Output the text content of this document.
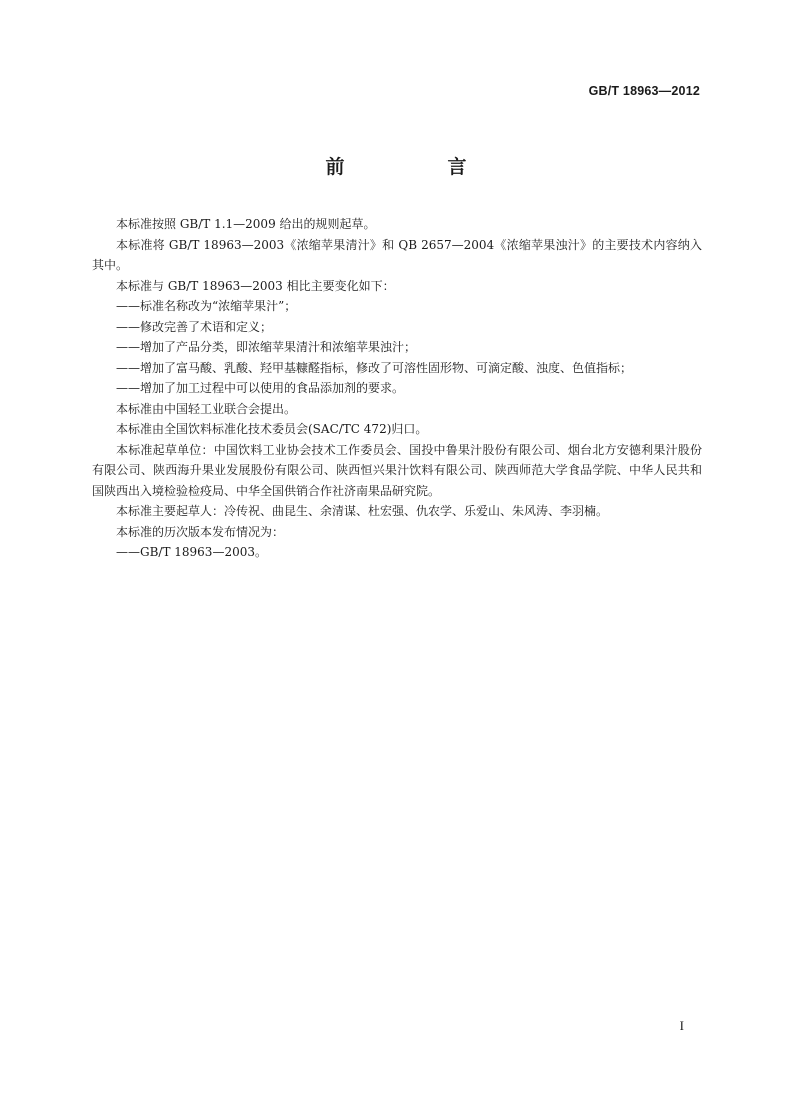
GB/T 18963—2012
前　言

本标准按照 GB/T 1.1—2009 给出的规则起草。

本标准将 GB/T 18963—2003《浓缩苹果清汁》和 QB 2657—2004《浓缩苹果浊汁》的主要技术内容纳入其中。

本标准与 GB/T 18963—2003 相比主要变化如下：

——标准名称改为“浓缩苹果汁”；

——修改完善了术语和定义；

——增加了产品分类，即浓缩苹果清汁和浓缩苹果浊汁；

——增加了富马酸、乳酸、羟甲基糠醛指标，修改了可溶性固形物、可滴定酸、浊度、色值指标；

——增加了加工过程中可以使用的食品添加剂的要求。

本标准由中国轻工业联合会提出。

本标准由全国饮料标准化技术委员会(SAC/TC 472)归口。

本标准起草单位：中国饮料工业协会技术工作委员会、国投中鲁果汁股份有限公司、烟台北方安德利果汁股份有限公司、陕西海升果业发展股份有限公司、陕西恒兴果汁饮料有限公司、陕西师范大学食品学院、中华人民共和国陕西出入境检验检疫局、中华全国供销合作社济南果品研究院。

本标准主要起草人：冷传祝、曲昆生、余清谋、杜宏强、仇农学、乐爱山、朱风涛、李羽楠。

本标准的历次版本发布情况为：

——GB/T 18963—2003。

I
